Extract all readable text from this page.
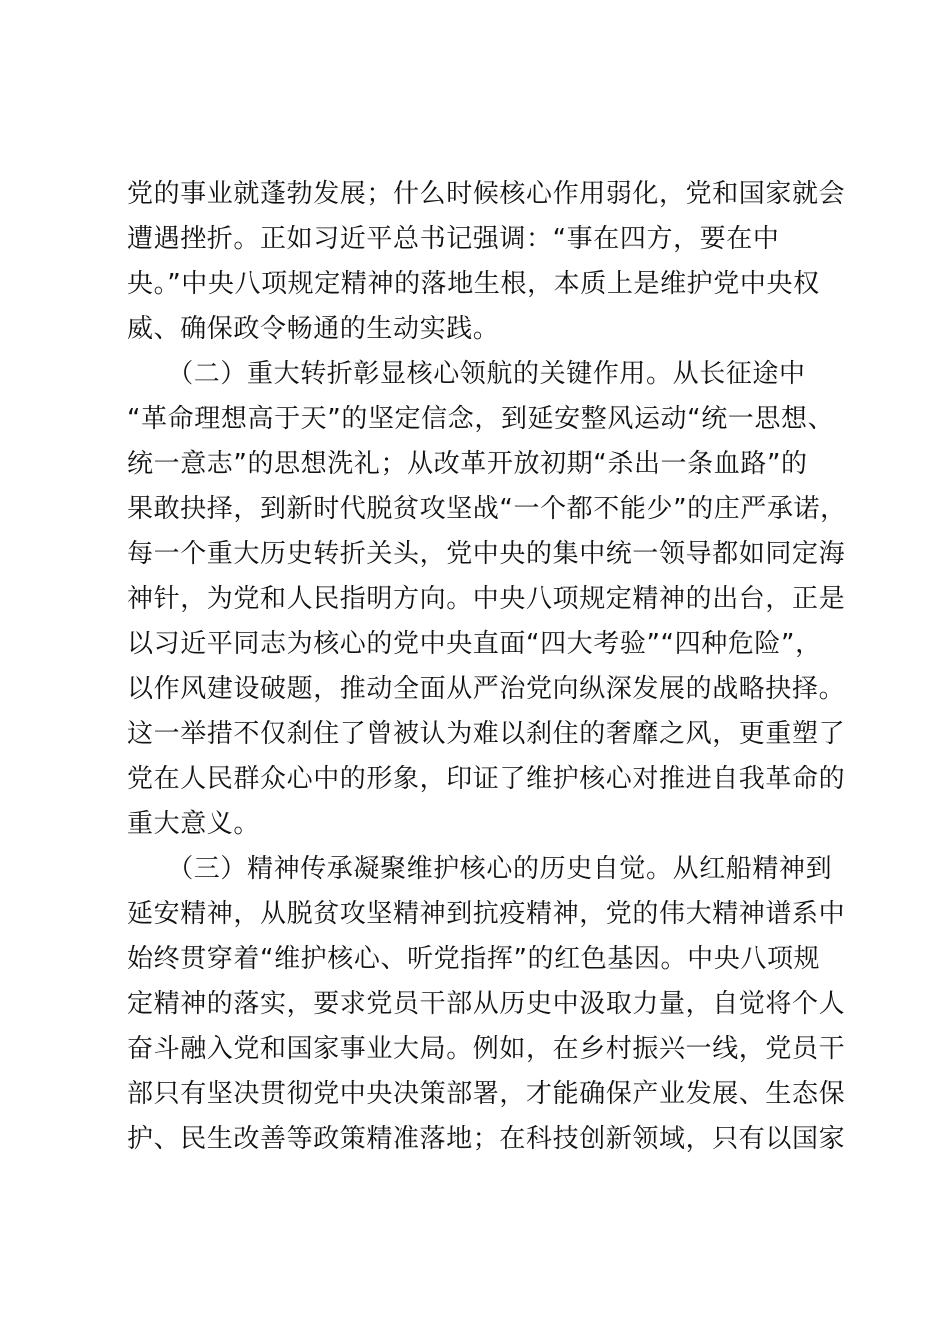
党的事业就蓬勃发展；什么时候核心作用弱化，党和国家就会
遭遇挫折。正如习近平总书记强调：“事在四方，要在中
央。”中央八项规定精神的落地生根，本质上是维护党中央权
威、确保政令畅通的生动实践。
　　（二）重大转折彰显核心领航的关键作用。从长征途中
“革命理想高于天”的坚定信念，到延安整风运动“统一思想、
统一意志”的思想洗礼；从改革开放初期“杀出一条血路”的
果敢抉择，到新时代脱贫攻坚战“一个都不能少”的庄严承诺，
每一个重大历史转折关头，党中央的集中统一领导都如同定海
神针，为党和人民指明方向。中央八项规定精神的出台，正是
以习近平同志为核心的党中央直面“四大考验”“四种危险”，
以作风建设破题，推动全面从严治党向纵深发展的战略抉择。
这一举措不仅刹住了曾被认为难以刹住的奢靡之风，更重塑了
党在人民群众心中的形象，印证了维护核心对推进自我革命的
重大意义。
　　（三）精神传承凝聚维护核心的历史自觉。从红船精神到
延安精神，从脱贫攻坚精神到抗疫精神，党的伟大精神谱系中
始终贯穿着“维护核心、听党指挥”的红色基因。中央八项规
定精神的落实，要求党员干部从历史中汲取力量，自觉将个人
奋斗融入党和国家事业大局。例如，在乡村振兴一线，党员干
部只有坚决贯彻党中央决策部署，才能确保产业发展、生态保
护、民生改善等政策精准落地；在科技创新领域，只有以国家
